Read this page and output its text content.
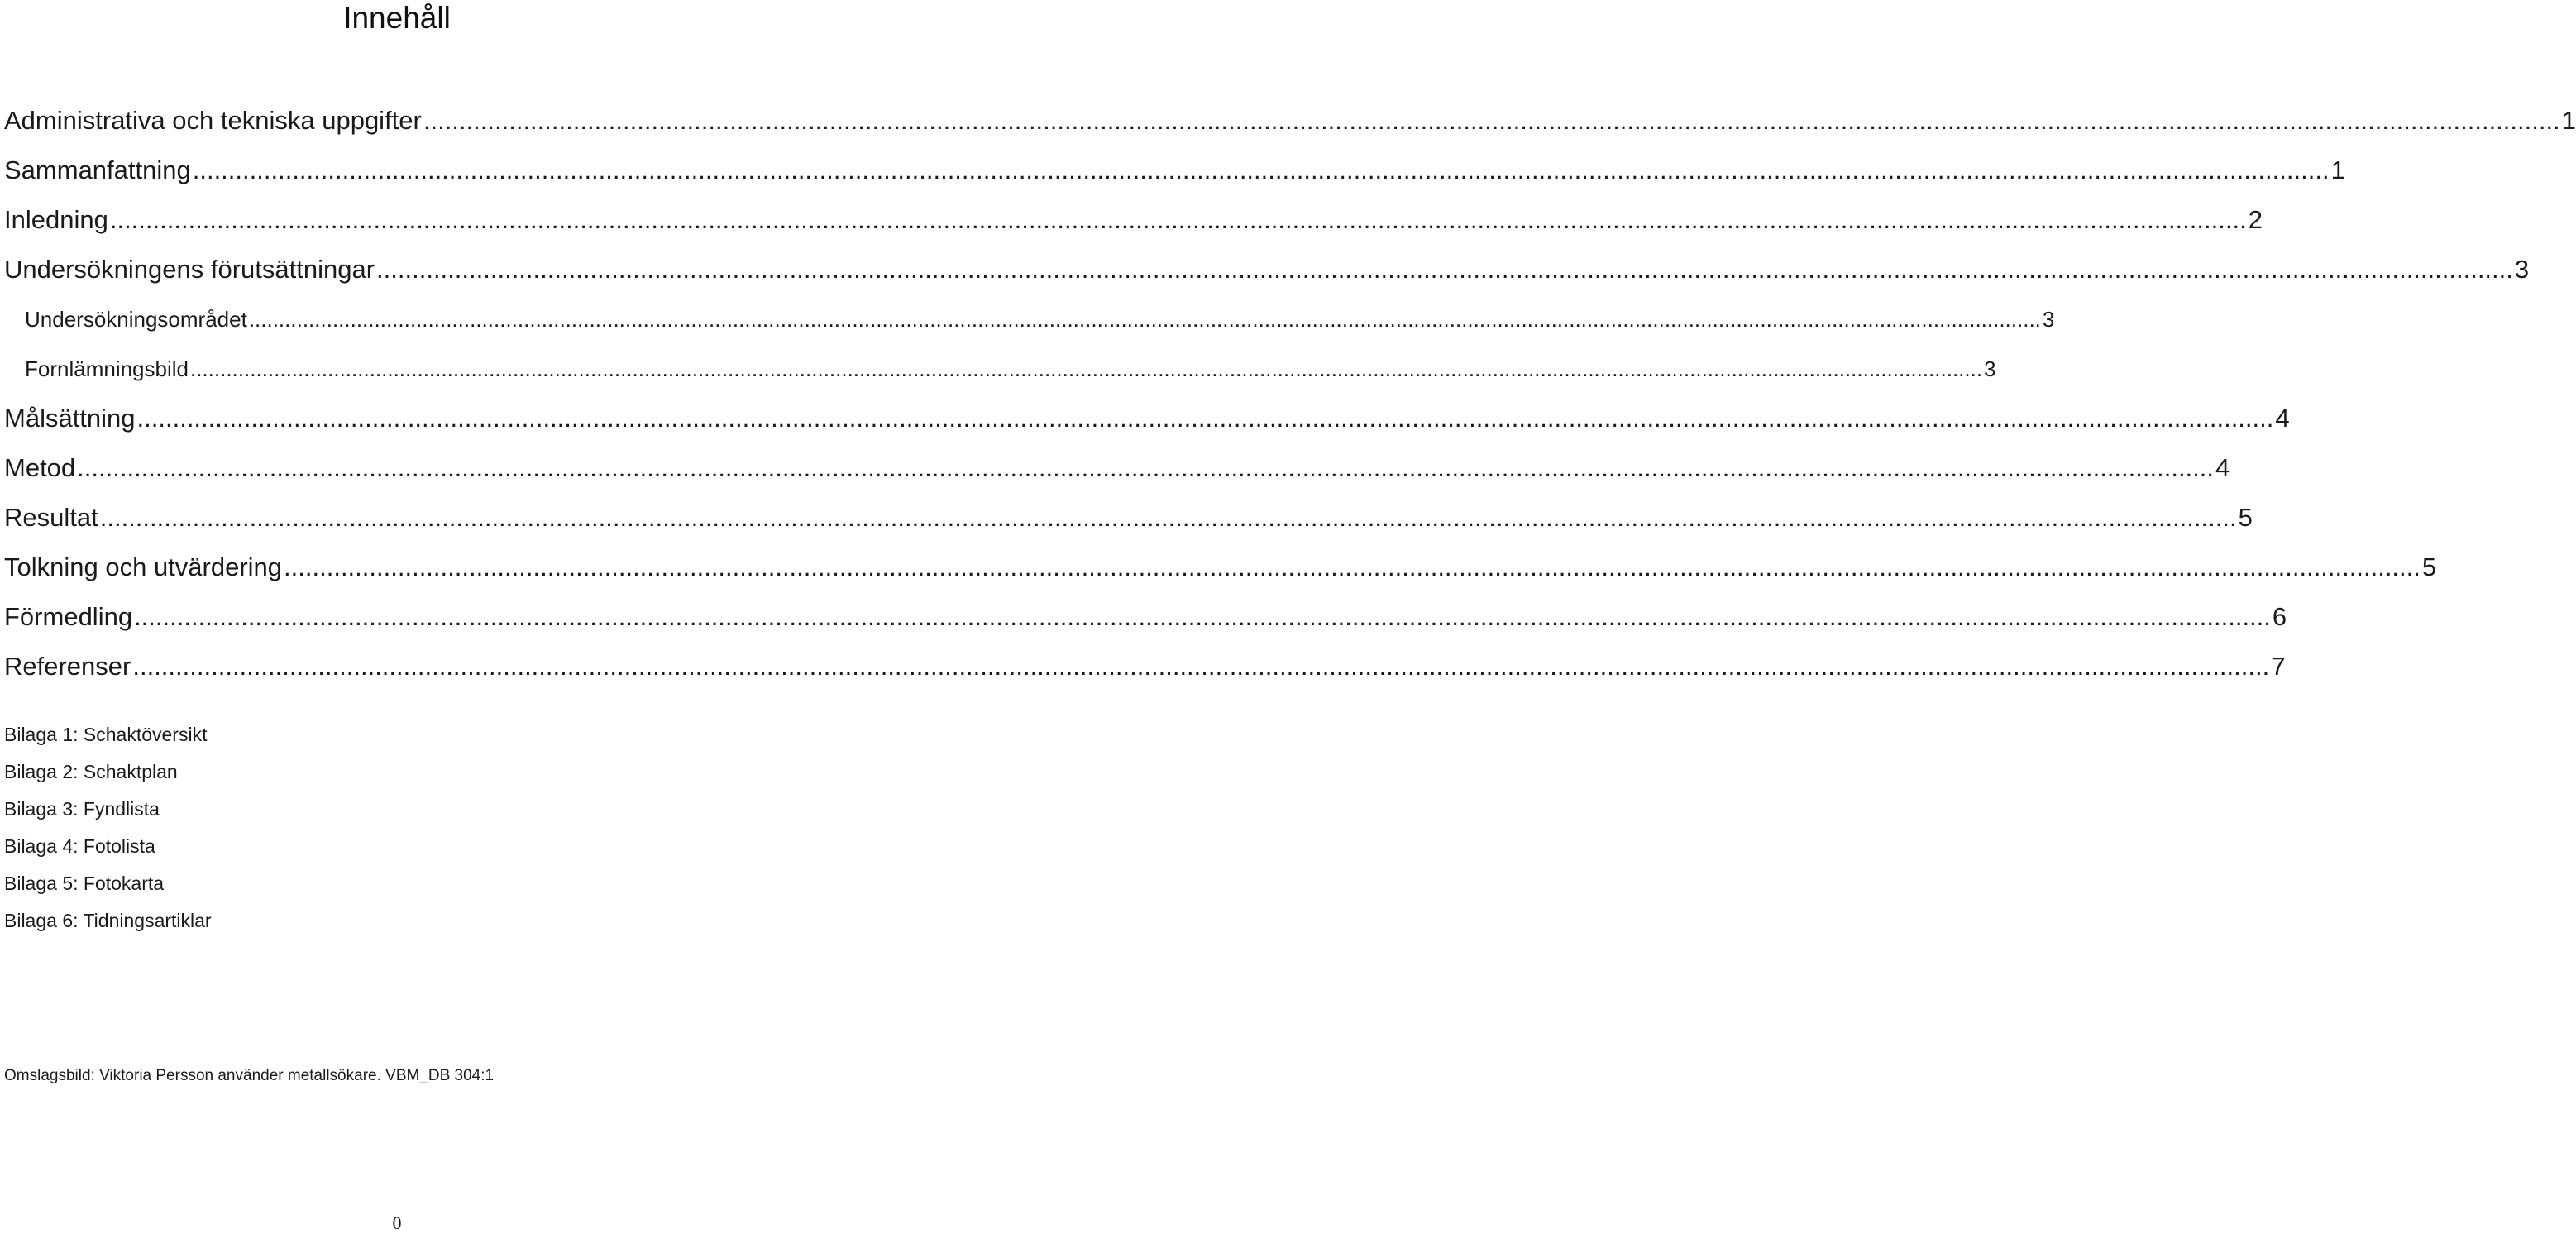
Innehåll
Administrativa och tekniska uppgifter ............................................................................................................................................................................................................................................................................................................ 1
Sammanfattning ............................................................................................................................................................................................................................................................................................................ 1
Inledning ............................................................................................................................................................................................................................................................................................................ 2
Undersökningens förutsättningar ............................................................................................................................................................................................................................................................................................................ 3
Undersökningsområdet ............................................................................................................................................................................................................................................................................................................ 3
Fornlämningsbild ............................................................................................................................................................................................................................................................................................................ 3
Målsättning ............................................................................................................................................................................................................................................................................................................ 4
Metod ............................................................................................................................................................................................................................................................................................................ 4
Resultat ............................................................................................................................................................................................................................................................................................................ 5
Tolkning och utvärdering ............................................................................................................................................................................................................................................................................................................ 5
Förmedling ............................................................................................................................................................................................................................................................................................................ 6
Referenser ............................................................................................................................................................................................................................................................................................................ 7
Bilaga 1: Schaktöversikt
Bilaga 2: Schaktplan
Bilaga 3: Fyndlista
Bilaga 4: Fotolista
Bilaga 5: Fotokarta
Bilaga 6: Tidningsartiklar
Omslagsbild: Viktoria Persson använder metallsökare. VBM_DB 304:1
0
